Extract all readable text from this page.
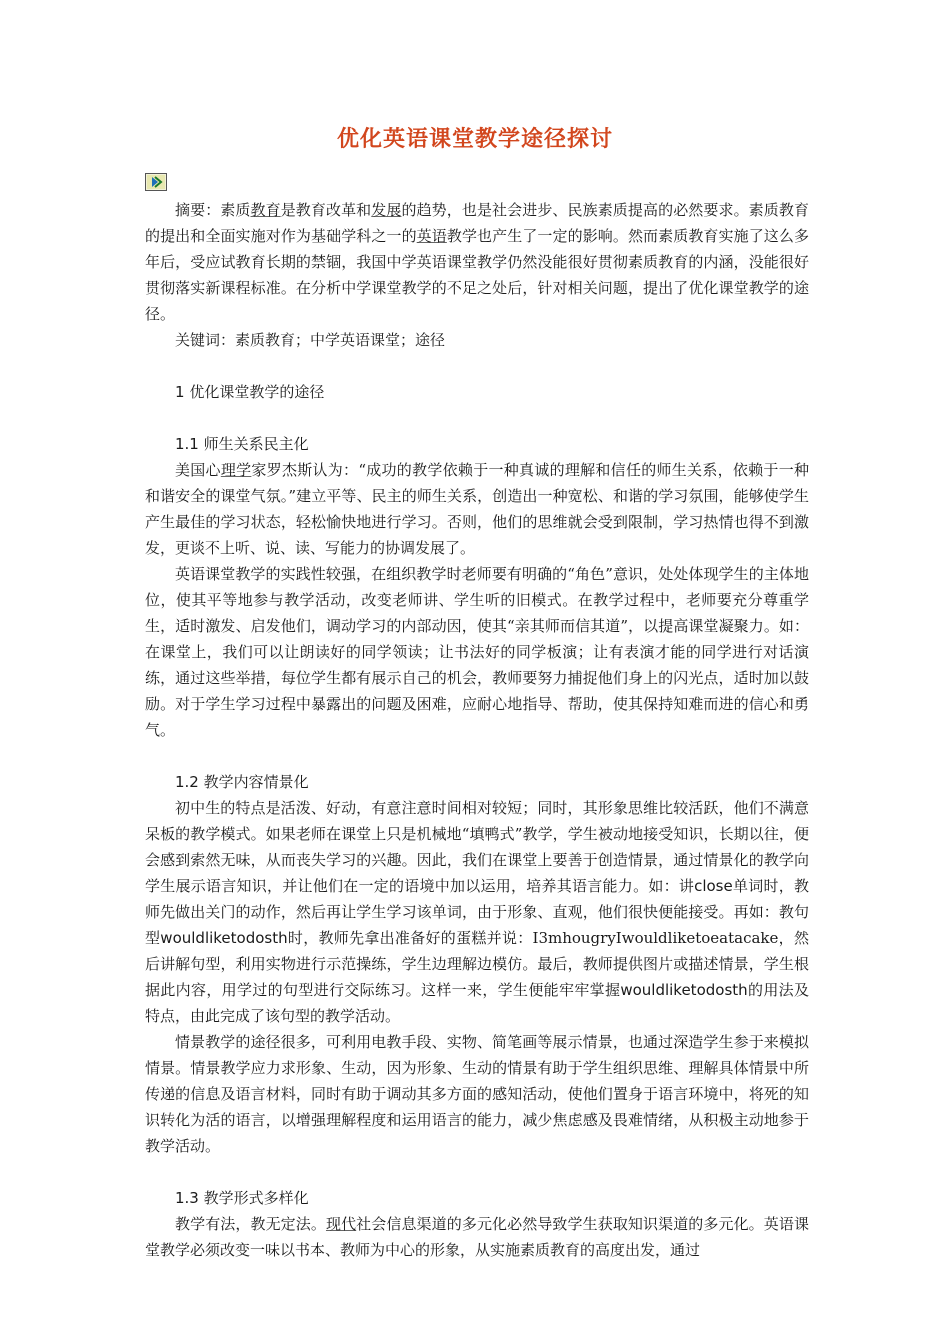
优化英语课堂教学途径探讨

摘要：素质教育是教育改革和发展的趋势，也是社会进步、民族素质提高的必然要求。素质教育的提出和全面实施对作为基础学科之一的英语教学也产生了一定的影响。然而素质教育实施了这么多年后，受应试教育长期的禁锢，我国中学英语课堂教学仍然没能很好贯彻素质教育的内涵，没能很好贯彻落实新课程标准。在分析中学课堂教学的不足之处后，针对相关问题，提出了优化课堂教学的途径。

关键词：素质教育；中学英语课堂；途径

1 优化课堂教学的途径

1.1 师生关系民主化

美国心理学家罗杰斯认为：“成功的教学依赖于一种真诚的理解和信任的师生关系，依赖于一种和谐安全的课堂气氛。”建立平等、民主的师生关系，创造出一种宽松、和谐的学习氛围，能够使学生产生最佳的学习状态，轻松愉快地进行学习。否则，他们的思维就会受到限制，学习热情也得不到激发，更谈不上听、说、读、写能力的协调发展了。

英语课堂教学的实践性较强，在组织教学时老师要有明确的“角色”意识，处处体现学生的主体地位，使其平等地参与教学活动，改变老师讲、学生听的旧模式。在教学过程中，老师要充分尊重学生，适时激发、启发他们，调动学习的内部动因，使其“亲其师而信其道”，以提高课堂凝聚力。如：在课堂上，我们可以让朗读好的同学领读；让书法好的同学板演；让有表演才能的同学进行对话演练，通过这些举措，每位学生都有展示自己的机会，教师要努力捕捉他们身上的闪光点，适时加以鼓励。对于学生学习过程中暴露出的问题及困难，应耐心地指导、帮助，使其保持知难而进的信心和勇气。

1.2 教学内容情景化

初中生的特点是活泼、好动，有意注意时间相对较短；同时，其形象思维比较活跃，他们不满意呆板的教学模式。如果老师在课堂上只是机械地“填鸭式”教学，学生被动地接受知识，长期以往，便会感到索然无味，从而丧失学习的兴趣。因此，我们在课堂上要善于创造情景，通过情景化的教学向学生展示语言知识，并让他们在一定的语境中加以运用，培养其语言能力。如：讲close单词时，教师先做出关门的动作，然后再让学生学习该单词，由于形象、直观，他们很快便能接受。再如：教句型wouldliketodosth时，教师先拿出准备好的蛋糕并说：I3mhougryIwouldliketoeatacake，然后讲解句型，利用实物进行示范操练，学生边理解边模仿。最后，教师提供图片或描述情景，学生根据此内容，用学过的句型进行交际练习。这样一来，学生便能牢牢掌握wouldliketodosth的用法及特点，由此完成了该句型的教学活动。

情景教学的途径很多，可利用电教手段、实物、简笔画等展示情景，也通过深造学生参于来模拟情景。情景教学应力求形象、生动，因为形象、生动的情景有助于学生组织思维、理解具体情景中所传递的信息及语言材料，同时有助于调动其多方面的感知活动，使他们置身于语言环境中，将死的知识转化为活的语言，以增强理解程度和运用语言的能力，减少焦虑感及畏难情绪，从积极主动地参于教学活动。

1.3 教学形式多样化

教学有法，教无定法。现代社会信息渠道的多元化必然导致学生获取知识渠道的多元化。英语课堂教学必须改变一味以书本、教师为中心的形象，从实施素质教育的高度出发，通过
